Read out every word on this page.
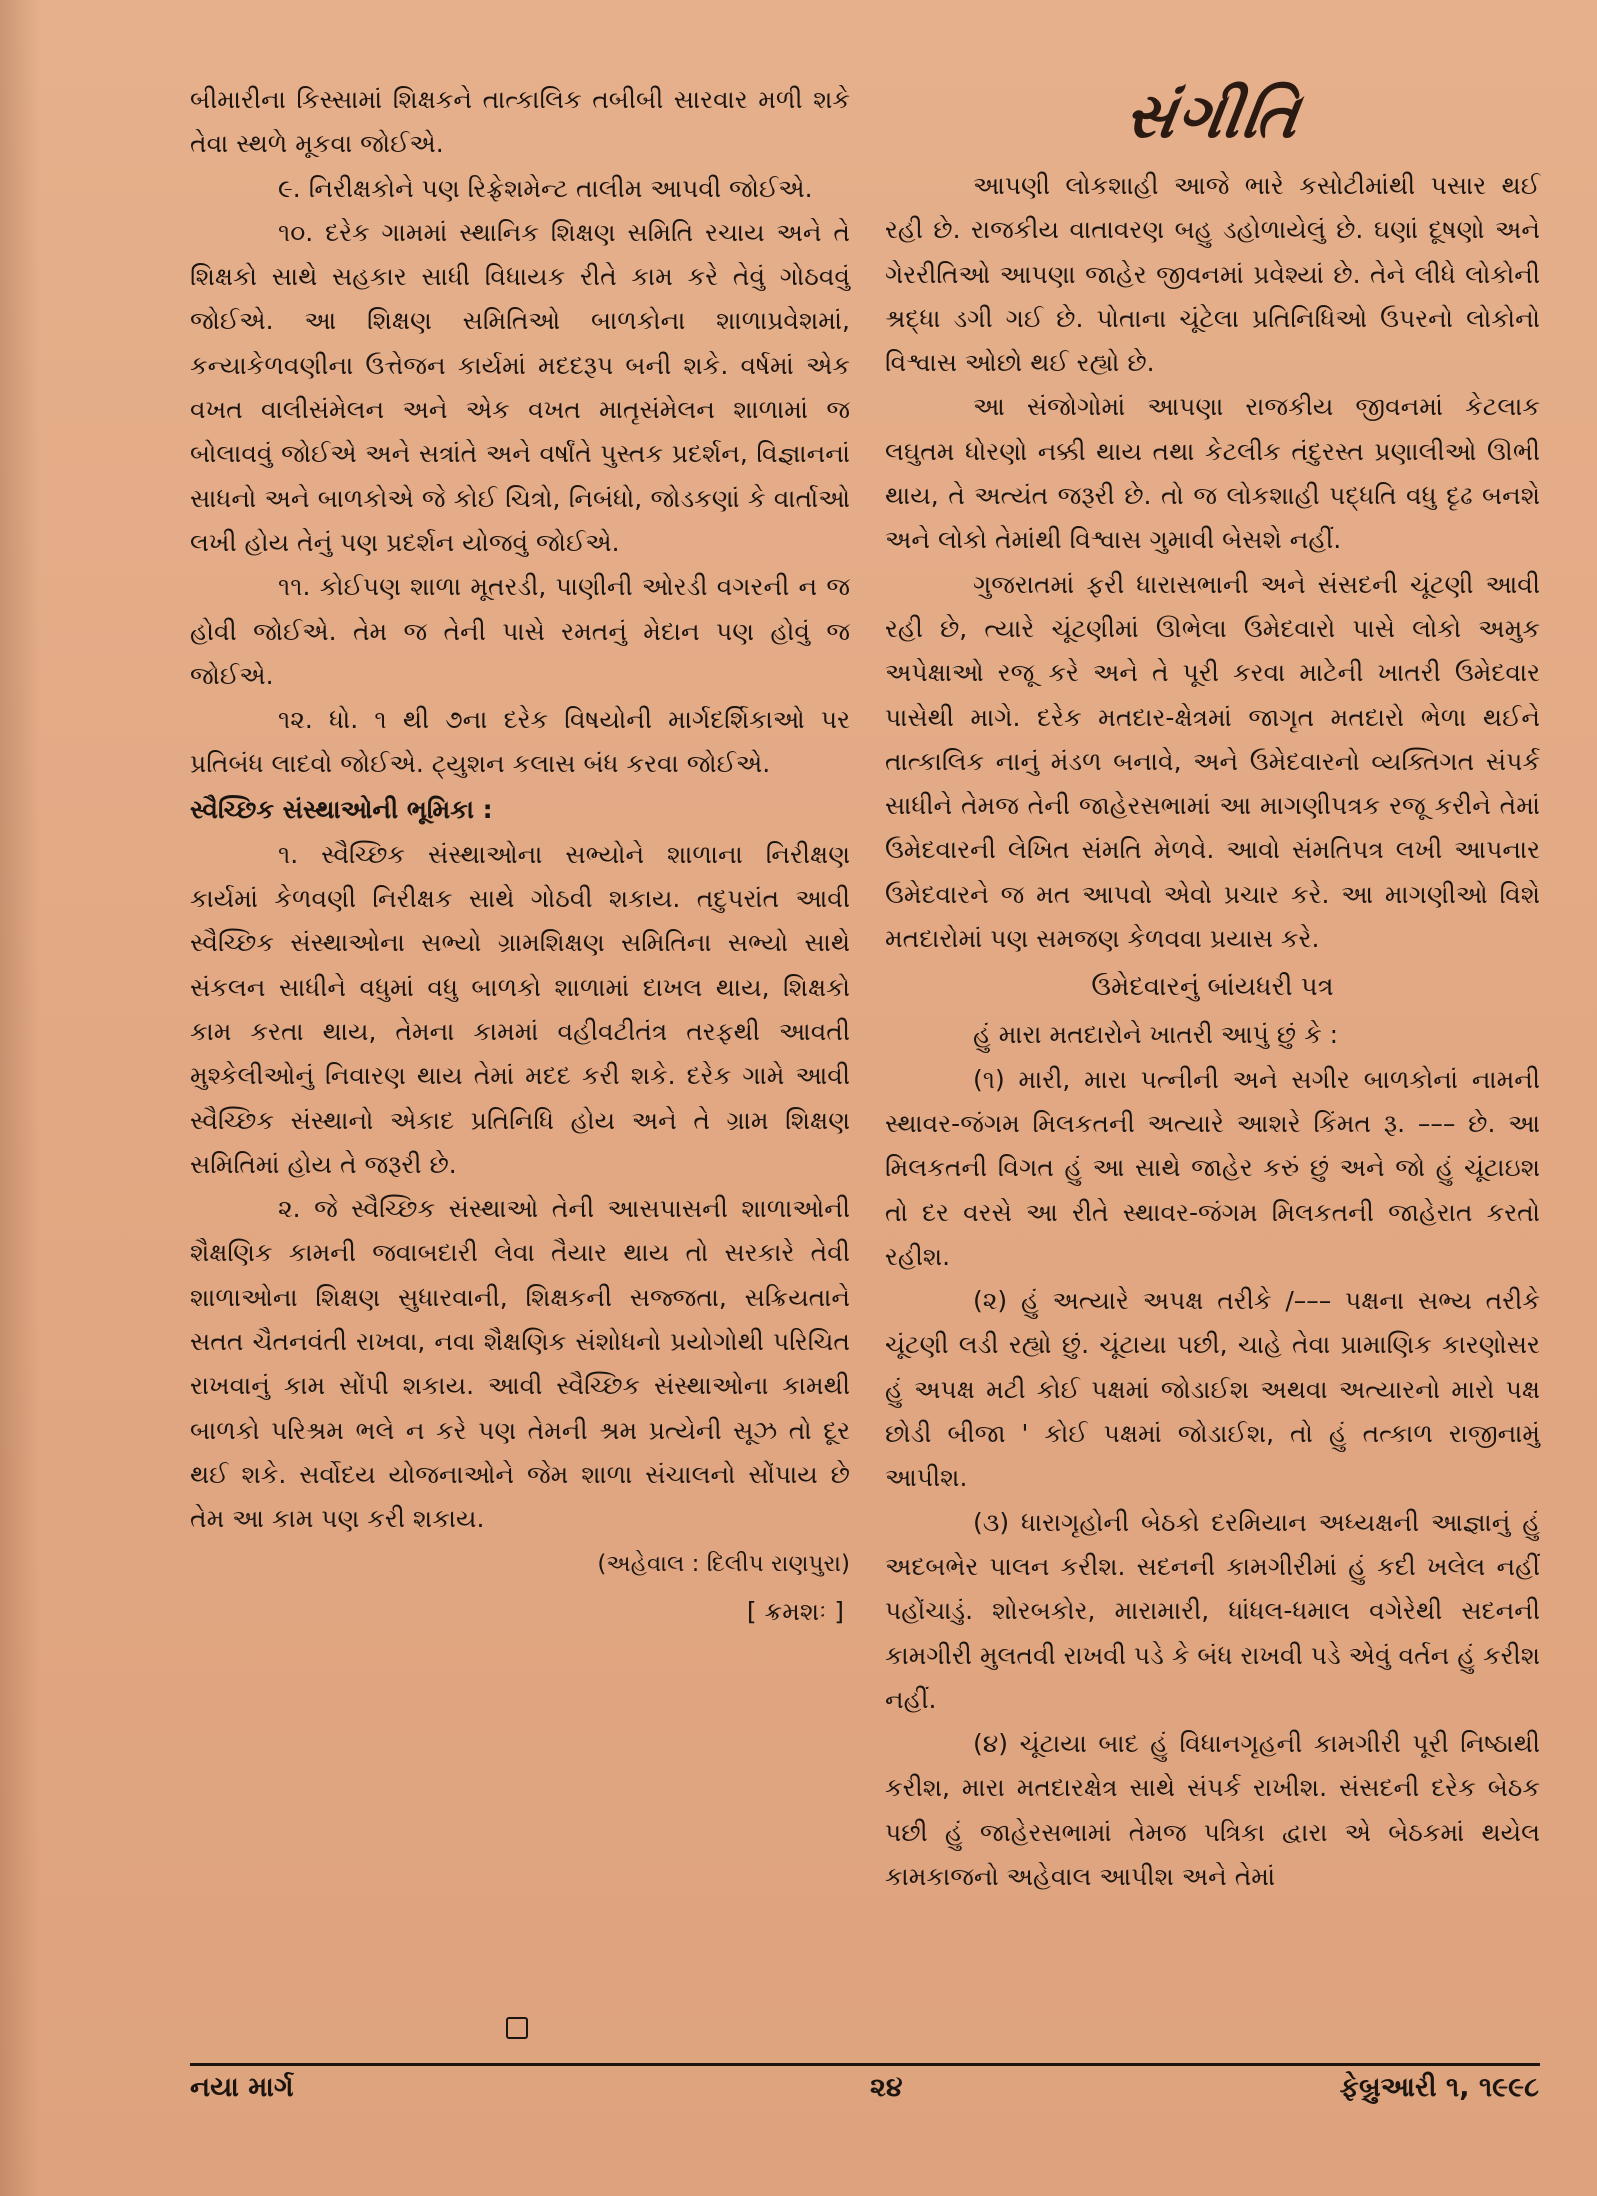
બીમારીના કિસ્સામાં શિક્ષકને તાત્કાલિક તબીબી સારવાર મળી શકે તેવા સ્થળે મૂકવા જોઈએ.

૯. નિરીક્ષકોને પણ રિફ્રેશમેન્ટ તાલીમ આપવી જોઈએ.

૧૦. દરેક ગામમાં સ્થાનિક શિક્ષણ સમિતિ રચાય અને તે શિક્ષકો સાથે સહકાર સાધી વિધાયક રીતે કામ કરે તેવું ગોઠવવું જોઈએ. આ શિક્ષણ સમિતિઓ બાળકોના શાળાપ્રવેશમાં, કન્યાકેળવણીના ઉત્તેજન કાર્યમાં મદદરૂપ બની શકે. વર્ષમાં એક વખત વાલીસંમેલન અને એક વખત માતૃસંમેલન શાળામાં જ બોલાવવું જોઈએ અને સત્રાંતે અને વર્ષાંતે પુસ્તક પ્રદર્શન, વિજ્ઞાનનાં સાધનો અને બાળકોએ જે કોઈ ચિત્રો, નિબંધો, જોડકણાં કે વાર્તાઓ લખી હોય તેનું પણ પ્રદર્શન યોજવું જોઈએ.

૧૧. કોઈપણ શાળા મૂતરડી, પાણીની ઓરડી વગરની ન જ હોવી જોઈએ. તેમ જ તેની પાસે રમતનું મેદાન પણ હોવું જ જોઈએ.

૧૨. ધો. ૧ થી ૭ના દરેક વિષયોની માર્ગદર્શિકાઓ પર પ્રતિબંધ લાદવો જોઈએ. ટ્યુશન કલાસ બંધ કરવા જોઈએ.

સ્વૈચ્છિક સંસ્થાઓની ભૂમિકા :

૧. સ્વૈચ્છિક સંસ્થાઓના સભ્યોને શાળાના નિરીક્ષણ કાર્યમાં કેળવણી નિરીક્ષક સાથે ગોઠવી શકાય. તદુપરાંત આવી સ્વૈચ્છિક સંસ્થાઓના સભ્યો ગ્રામશિક્ષણ સમિતિના સભ્યો સાથે સંકલન સાધીને વધુમાં વધુ બાળકો શાળામાં દાખલ થાય, શિક્ષકો કામ કરતા થાય, તેમના કામમાં વહીવટીતંત્ર તરફથી આવતી મુશ્કેલીઓનું નિવારણ થાય તેમાં મદદ કરી શકે. દરેક ગામે આવી સ્વૈચ્છિક સંસ્થાનો એકાદ પ્રતિનિધિ હોય અને તે ગ્રામ શિક્ષણ સમિતિમાં હોય તે જરૂરી છે.

૨. જે સ્વૈચ્છિક સંસ્થાઓ તેની આસપાસની શાળાઓની શૈક્ષણિક કામની જવાબદારી લેવા તૈયાર થાય તો સરકારે તેવી શાળાઓના શિક્ષણ સુધારવાની, શિક્ષકની સજ્જતા, સક્રિયતાને સતત ચૈતનવંતી રાખવા, નવા શૈક્ષણિક સંશોધનો પ્રયોગોથી પરિચિત રાખવાનું કામ સોંપી શકાય. આવી સ્વૈચ્છિક સંસ્થાઓના કામથી બાળકો પરિશ્રમ ભલે ન કરે પણ તેમની શ્રમ પ્રત્યેની સૂઝ તો દૂર થઈ શકે. સર્વોદય યોજનાઓને જેમ શાળા સંચાલનો સોંપાય છે તેમ આ કામ પણ કરી શકાય.

(અહેવાલ : દિલીપ રાણપુરા)

[ ક્રમશઃ ]

સંગીતિ

આપણી લોકશાહી આજે ભારે કસોટીમાંથી પસાર થઈ રહી છે. રાજકીય વાતાવરણ બહુ ડહોળાયેલું છે. ઘણાં દૂષણો અને ગેરરીતિઓ આપણા જાહેર જીવનમાં પ્રવેશ્યાં છે. તેને લીધે લોકોની શ્રદ્ધા ડગી ગઈ છે. પોતાના ચૂંટેલા પ્રતિનિધિઓ ઉપરનો લોકોનો વિશ્વાસ ઓછો થઈ રહ્યો છે.

આ સંજોગોમાં આપણા રાજકીય જીવનમાં કેટલાક લઘુતમ ધોરણો નક્કી થાય તથા કેટલીક તંદુરસ્ત પ્રણાલીઓ ઊભી થાય, તે અત્યંત જરૂરી છે. તો જ લોકશાહી પદ્ધતિ વધુ દૃઢ બનશે અને લોકો તેમાંથી વિશ્વાસ ગુમાવી બેસશે નહીં.

ગુજરાતમાં ફરી ધારાસભાની અને સંસદની ચૂંટણી આવી રહી છે, ત્યારે ચૂંટણીમાં ઊભેલા ઉમેદવારો પાસે લોકો અમુક અપેક્ષાઓ રજૂ કરે અને તે પૂરી કરવા માટેની ખાતરી ઉમેદવાર પાસેથી માગે. દરેક મતદાર-ક્ષેત્રમાં જાગૃત મતદારો ભેળા થઈને તાત્કાલિક નાનું મંડળ બનાવે, અને ઉમેદવારનો વ્યક્તિગત સંપર્ક સાધીને તેમજ તેની જાહેરસભામાં આ માગણીપત્રક રજૂ કરીને તેમાં ઉમેદવારની લેખિત સંમતિ મેળવે. આવો સંમતિપત્ર લખી આપનાર ઉમેદવારને જ મત આપવો એવો પ્રચાર કરે. આ માગણીઓ વિશે મતદારોમાં પણ સમજણ કેળવવા પ્રયાસ કરે.

ઉમેદવારનું બાંયધરી પત્ર

હું મારા મતદારોને ખાતરી આપું છું કે :

(૧) મારી, મારા પત્નીની અને સગીર બાળકોનાં નામની સ્થાવર-જંગમ મિલકતની અત્યારે આશરે કિંમત રૂ. ––– છે. આ મિલકતની વિગત હું આ સાથે જાહેર કરું છું અને જો હું ચૂંટાઇશ તો દર વરસે આ રીતે સ્થાવર-જંગમ મિલકતની જાહેરાત કરતો રહીશ.

(૨) હું અત્યારે અપક્ષ તરીકે /––– પક્ષના સભ્ય તરીકે ચૂંટણી લડી રહ્યો છું. ચૂંટાયા પછી, ચાહે તેવા પ્રામાણિક કારણોસર હું અપક્ષ મટી કોઈ પક્ષમાં જોડાઈશ અથવા અત્યારનો મારો પક્ષ છોડી બીજા ' કોઈ પક્ષમાં જોડાઈશ, તો હું તત્કાળ રાજીનામું આપીશ.

(૩) ધારાગૃહોની બેઠકો દરમિયાન અધ્યક્ષની આજ્ઞાનું હું અદબભેર પાલન કરીશ. સદનની કામગીરીમાં હું કદી ખલેલ નહીં પહોંચાડું. શોરબકોર, મારામારી, ધાંધલ-ધમાલ વગેરેથી સદનની કામગીરી મુલતવી રાખવી પડે કે બંધ રાખવી પડે એવું વર્તન હું કરીશ નહીં.

(૪) ચૂંટાયા બાદ હું વિધાનગૃહની કામગીરી પૂરી નિષ્ઠાથી કરીશ, મારા મતદારક્ષેત્ર સાથે સંપર્ક રાખીશ. સંસદની દરેક બેઠક પછી હું જાહેરસભામાં તેમજ પત્રિકા દ્વારા એ બેઠકમાં થયેલ કામકાજનો અહેવાલ આપીશ અને તેમાં

નયા માર્ગ	૨૪	ફેબ્રુઆરી ૧, ૧૯૯૮
